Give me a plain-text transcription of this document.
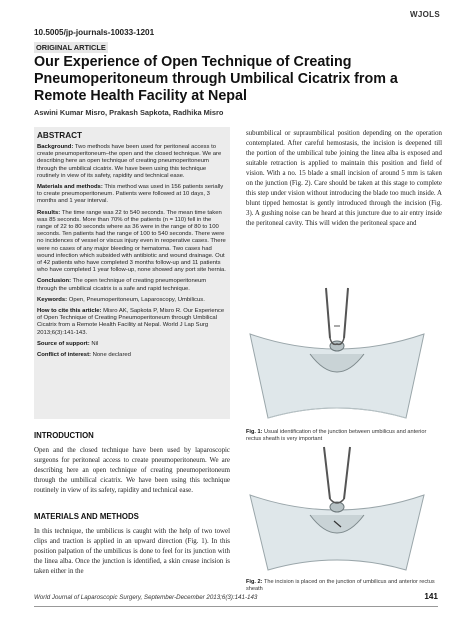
WJOLS
10.5005/jp-journals-10033-1201
ORIGINAL ARTICLE
Our Experience of Open Technique of Creating Pneumoperitoneum through Umbilical Cicatrix from a Remote Health Facility at Nepal
Aswini Kumar Misro, Prakash Sapkota, Radhika Misro
ABSTRACT

Background: Two methods have been used for peritoneal access to create pneumoperitoneum–the open and the closed technique. We are describing here an open technique of creating pneumoperitoneum through the umbilical cicatrix. We have been using this technique routinely in view of its safety, rapidity and technical ease.

Materials and methods: This method was used in 156 patients serially to create pneumoperitoneum. Patients were followed at 10 days, 3 months and 1 year interval.

Results: The time range was 22 to 540 seconds. The mean time taken was 85 seconds. More than 70% of the patients (n = 110) fell in the range of 22 to 80 seconds where as 36 were in the range of 80 to 100 seconds. Ten patients had the range of 100 to 540 seconds. There were no incidences of vessel or viscus injury even in reoperative cases. There were no cases of any major bleeding or hematoma. Two cases had wound infection which subsided with antibiotic and wound drainage. Out of 42 patients who have completed 3 months follow-up and 11 patients who have completed 1 year follow-up, none showed any port site hernia.

Conclusion: The open technique of creating pneumoperitoneum through the umbilical cicatrix is a safe and rapid technique.

Keywords: Open, Pneumoperitoneum, Laparoscopy, Umbilicus.

How to cite this article: Misro AK, Sapkota P, Misro R. Our Experience of Open Technique of Creating Pneumoperitoneum through Umbilical Cicatrix from a Remote Health Facility at Nepal. World J Lap Surg 2013;6(3):141-143.

Source of support: Nil

Conflict of interest: None declared

INTRODUCTION
Open and the closed technique have been used by laparoscopic surgeons for peritoneal access to create pneumoperitoneum. We are describing here an open technique of creating pneumoperitoneum through the umbilical cicatrix. We have been using this technique routinely in view of its safety, rapidity and technical ease.
MATERIALS AND METHODS
In this technique, the umbilicus is caught with the help of two towel clips and traction is applied in an upward direction (Fig. 1). In this position palpation of the umbilicus is done to feel for its junction with the linea alba. Once the junction is identified, a skin crease incision is taken either in the
subumbilical or supraumbilical position depending on the operation contemplated. After careful hemostasis, the incision is deepened till the portion of the umbilical tube joining the linea alba is exposed and suitable retraction is applied to maintain this position and field of vision. With a no. 15 blade a small incision of around 5 mm is taken on the junction (Fig. 2). Care should be taken at this stage to complete this step under vision without introducing the blade too much inside. A blunt tipped hemostat is gently introduced through the incision (Fig. 3). A gushing noise can be heard at this juncture due to air entry inside the peritoneal cavity. This will widen the peritoneal space and
Fig. 1: Usual identification of the junction between umbilicus and anterior rectus sheath is very important
Fig. 2: The incision is placed on the junction of umbilicus and anterior rectus sheath
World Journal of Laparoscopic Surgery, September-December 2013;6(3):141-143	141
